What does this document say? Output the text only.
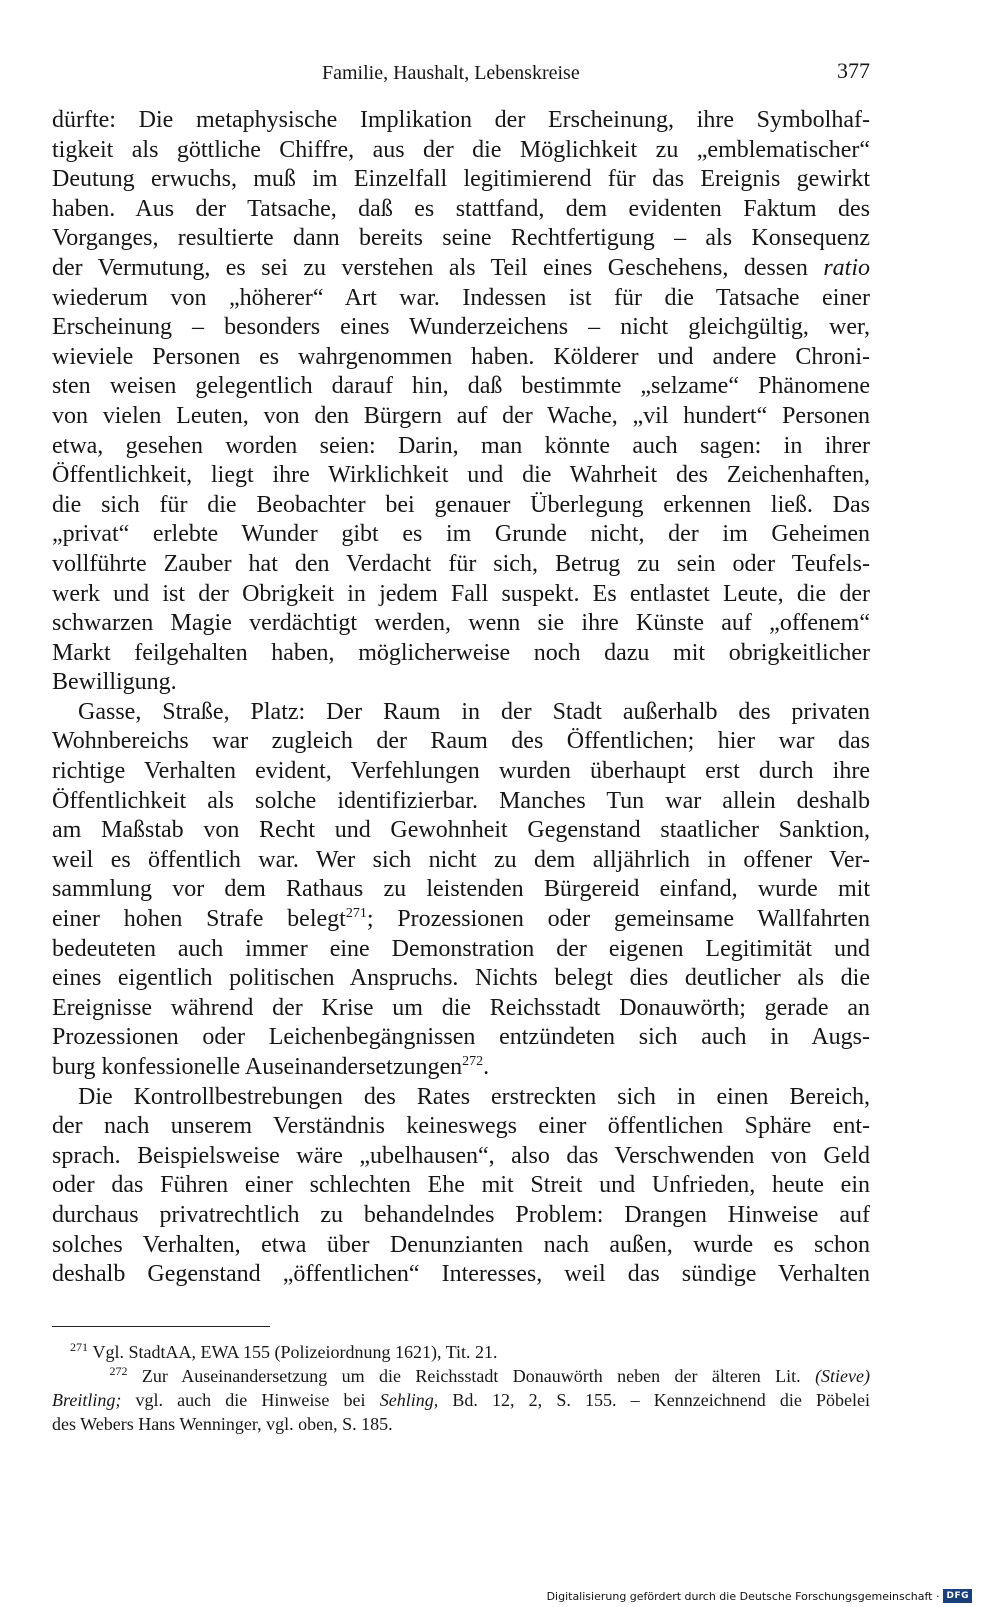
Familie, Haushalt, Lebenskreise	377

dürfte: Die metaphysische Implikation der Erscheinung, ihre Symbolhaf-
tigkeit als göttliche Chiffre, aus der die Möglichkeit zu „emblematischer“
Deutung erwuchs, muß im Einzelfall legitimierend für das Ereignis gewirkt
haben. Aus der Tatsache, daß es stattfand, dem evidenten Faktum des
Vorganges, resultierte dann bereits seine Rechtfertigung – als Konsequenz
der Vermutung, es sei zu verstehen als Teil eines Geschehens, dessen ratio
wiederum von „höherer“ Art war. Indessen ist für die Tatsache einer
Erscheinung – besonders eines Wunderzeichens – nicht gleichgültig, wer,
wieviele Personen es wahrgenommen haben. Kölderer und andere Chroni-
sten weisen gelegentlich darauf hin, daß bestimmte „selzame“ Phänomene
von vielen Leuten, von den Bürgern auf der Wache, „vil hundert“ Personen
etwa, gesehen worden seien: Darin, man könnte auch sagen: in ihrer
Öffentlichkeit, liegt ihre Wirklichkeit und die Wahrheit des Zeichenhaften,
die sich für die Beobachter bei genauer Überlegung erkennen ließ. Das
„privat“ erlebte Wunder gibt es im Grunde nicht, der im Geheimen
vollführte Zauber hat den Verdacht für sich, Betrug zu sein oder Teufels-
werk und ist der Obrigkeit in jedem Fall suspekt. Es entlastet Leute, die der
schwarzen Magie verdächtigt werden, wenn sie ihre Künste auf „offenem“
Markt feilgehalten haben, möglicherweise noch dazu mit obrigkeitlicher
Bewilligung.

Gasse, Straße, Platz: Der Raum in der Stadt außerhalb des privaten
Wohnbereichs war zugleich der Raum des Öffentlichen; hier war das
richtige Verhalten evident, Verfehlungen wurden überhaupt erst durch ihre
Öffentlichkeit als solche identifizierbar. Manches Tun war allein deshalb
am Maßstab von Recht und Gewohnheit Gegenstand staatlicher Sanktion,
weil es öffentlich war. Wer sich nicht zu dem alljährlich in offener Ver-
sammlung vor dem Rathaus zu leistenden Bürgereid einfand, wurde mit
einer hohen Strafe belegt$^{271}$; Prozessionen oder gemeinsame Wallfahrten
bedeuteten auch immer eine Demonstration der eigenen Legitimität und
eines eigentlich politischen Anspruchs. Nichts belegt dies deutlicher als die
Ereignisse während der Krise um die Reichsstadt Donauwörth; gerade an
Prozessionen oder Leichenbegängnissen entzündeten sich auch in Augs-
burg konfessionelle Auseinandersetzungen$^{272}$.

Die Kontrollbestrebungen des Rates erstreckten sich in einen Bereich,
der nach unserem Verständnis keineswegs einer öffentlichen Sphäre ent-
sprach. Beispielsweise wäre „ubelhausen“, also das Verschwenden von Geld
oder das Führen einer schlechten Ehe mit Streit und Unfrieden, heute ein
durchaus privatrechtlich zu behandelndes Problem: Drangen Hinweise auf
solches Verhalten, etwa über Denunzianten nach außen, wurde es schon
deshalb Gegenstand „öffentlichen“ Interesses, weil das sündige Verhalten

$^{271}$ Vgl. StadtAA, EWA 155 (Polizeiordnung 1621), Tit. 21.

$^{272}$ Zur Auseinandersetzung um die Reichsstadt Donauwörth neben der älteren Lit. (Stieve)
Breitling; vgl. auch die Hinweise bei Sehling, Bd. 12, 2, S. 155. – Kennzeichnend die Pöbelei
des Webers Hans Wenninger, vgl. oben, S. 185.

Digitalisierung gefördert durch die Deutsche Forschungsgemeinschaft · DFG
